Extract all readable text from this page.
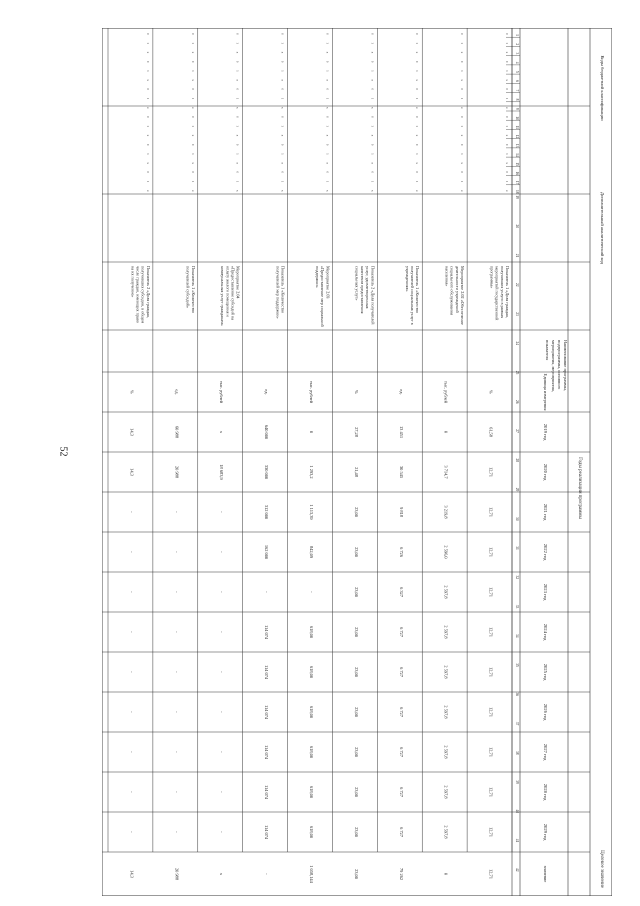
52
Целевое значение
Годы реализации программы
Коды бюджетной классификации
Дополнительный аналитический код
Наименование программы,
подпрограммы, основного
мероприятия, мероприятия,
показателя
Единица измерения
2019 год
2020 год
2021 год
2022 год
2023 год
2024 год
2025 год
2026 год
2027 год
2028 год
2029 год
значение
1
2
3
4
5
6
7
8
9
10
11
12
13
14
15
16
17
18
19
20
21
22
23
24
25
26
27
28
29
30
31
32
33
34
35
36
37
38
39
40
41
42
0
1
x
0
1
x
0
1
x
0
1
x
0
1
x
0
1
x
Показатель 1 «Доля граждан,
получивших услуги в рамках
мероприятий государственной
программы»
%
61,58
12,71
12,71
12,71
12,71
12,71
12,71
12,71
12,71
12,71
12,71
12,71
0
1
x
0
1
x
0
1
x
0
1
x
0
1
x
0
1
x
Мероприятие 2.02 «Обеспечение
деятельности учреждений
социального обслуживания
населения»
тыс. рублей
0
3 714,7
3 219,8
2 596,0
2 597,8
2 597,8
2 597,8
2 597,8
2 597,8
2 597,8
2 597,8
0
0
1
x
0
1
x
0
1
x
0
1
x
0
1
x
0
1
x
Показатель 1 «Количество
получателей социальных услуг в
учреждениях»
ед.
13 451
30 545
9 818
6 726
6 327
6 727
6 727
6 727
6 727
6 727
6 727
79 262
0
1
x
0
1
x
0
1
x
0
1
x
0
1
x
0
1
x
Показатель 2 «Доля получателей
услуг, удовлетворенных
качеством предоставления
социальных услуг»
%
27,28
21,48
23,00
23,00
23,00
23,00
23,00
23,00
23,00
23,00
23,00
23,00
0
1
x
0
1
x
0
1
x
0
1
x
0
1
x
0
1
x
Мероприятие 2.03
«Предоставление мер социальной
поддержки»
тыс. рублей
0
1 293,2
1 113,39
842,09
-
618,00
618,00
618,00
618,00
618,00
618,00
1 058,144
0
1
x
0
1
x
0
1
x
0
1
x
0
1
x
0
1
x
Показатель 1 «Количество
получателей мер поддержки»
ед.
640 000
330 000
312 000
162 000
-
114 074
114 074
114 074
114 074
114 074
114 074
-
0
1
x
0
1
x
0
1
x
0
1
x
0
1
x
0
1
x
Мероприятие 2.04
«Предоставление субсидий на
оплату жилого помещения и
коммунальных услуг гражданам»
тыс. рублей
x
18 683,9
-
-
-
-
-
-
-
-
-
x
0
1
x
0
1
x
0
1
x
0
1
x
0
1
x
0
1
x
Показатель 1 «Количество
получателей субсидий»
ед.
60 988
20 988
-
-
-
-
-
-
-
-
-
20 988
0
1
x
0
1
x
0
1
x
0
1
x
0
1
x
0
1
x
Показатель 2 «Доля граждан,
получивших субсидии, в общем
числе граждан, имеющих право
на их получение»
%
14,3
14,3
-
-
-
-
-
-
-
-
-
14,3
